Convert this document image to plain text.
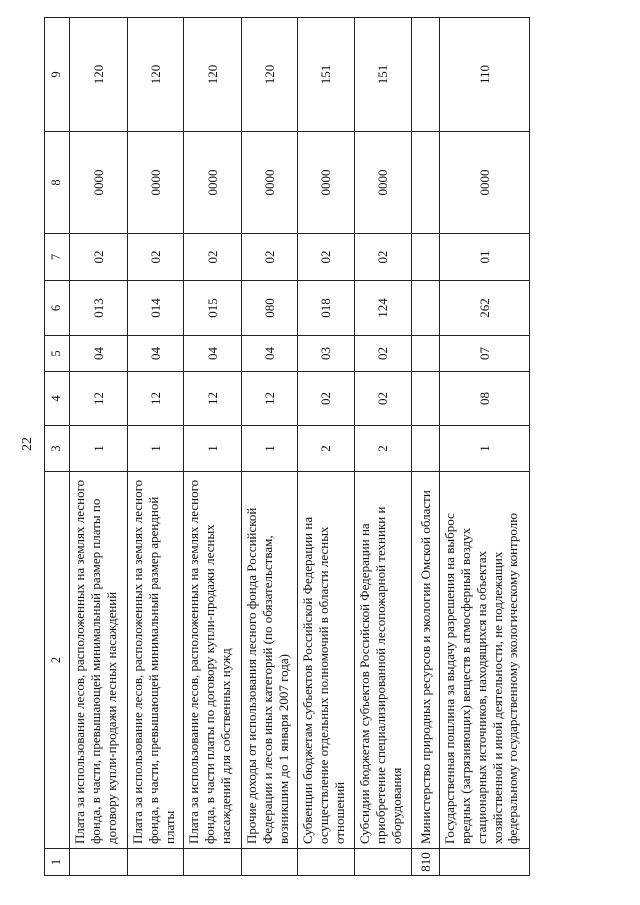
22
1	2	3	4	5	6	7	8	9
	Плата за использование лесов, расположенных на землях лесного фонда, в части, превышающей минимальный размер платы по договору купли-продажи лесных насаждений	1	12	04	013	02	0000	120
	Плата за использование лесов, расположенных на землях лесного фонда, в части, превышающей минимальный размер арендной платы	1	12	04	014	02	0000	120
	Плата за использование лесов, расположенных на землях лесного фонда, в части платы по договору купли-продажи лесных насаждений для собственных нужд	1	12	04	015	02	0000	120
	Прочие доходы от использования лесного фонда Российской Федерации и лесов иных категорий (по обязательствам, возникшим до 1 января 2007 года)	1	12	04	080	02	0000	120
	Субвенции бюджетам субъектов Российской Федерации на осуществление отдельных полномочий в области лесных отношений	2	02	03	018	02	0000	151
	Субсидии бюджетам субъектов Российской Федерации на приобретение специализированной лесопожарной техники и оборудования	2	02	02	124	02	0000	151
810	Министерство природных ресурсов и экологии Омской области							
	Государственная пошлина за выдачу разрешения на выброс вредных (загрязняющих) веществ в атмосферный воздух стационарных источников, находящихся на объектах хозяйственной и иной деятельности, не подлежащих федеральному государственному экологическому контролю	1	08	07	262	01	0000	110
